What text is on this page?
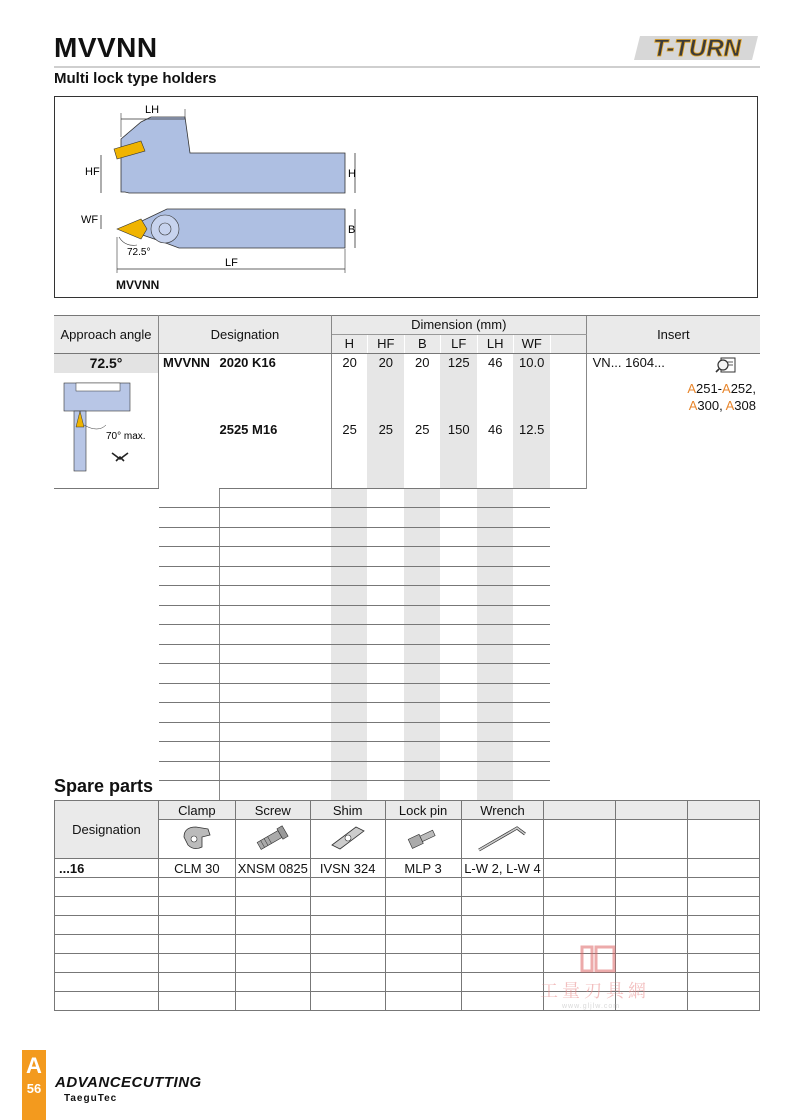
MVVNN
Multi lock type holders
T-TURN
LH
HF	H
WF
B
72.5°
LF
MVVNN
Approach angle	Designation		Dimension (mm)							Insert
			H	HF	B	LF	LH	WF		
72.5°	MVVNN	2020 K16	20	20	20	125	46	10.0		VN... 1604...
A251-A252,
A300, A308

70° max.		2525 M16	25	25	25	150	46	12.5		

Spare parts
Designation	Clamp	Screw	Shim	Lock pin	Wrench			

...16	CLM 30	XNSM 0825	IVSN 324	MLP 3	L-W 2, L-W 4			

工量刃具網
www.gljlw.com
A
56 ADVANCECUTTING
TaeguTec
